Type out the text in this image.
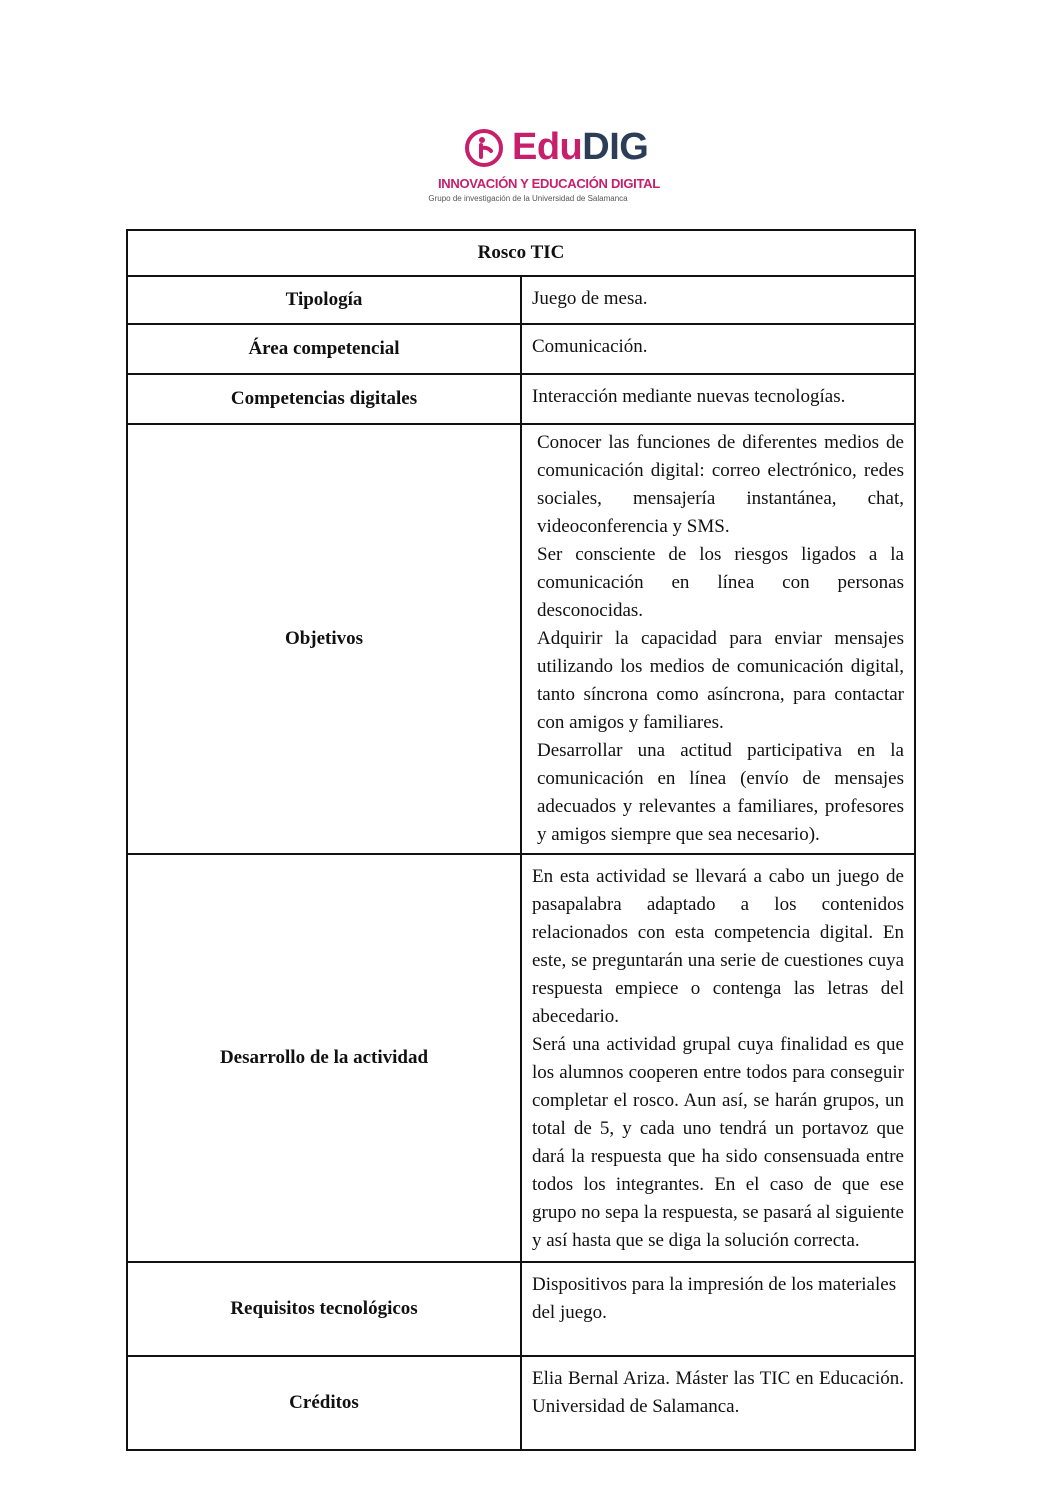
EduDIG
INNOVACIÓN Y EDUCACIÓN DIGITAL
Grupo de investigación de la Universidad de Salamanca
Rosco TIC	
Tipología	Juego de mesa.
Área competencial	Comunicación.
Competencias digitales	Interacción mediante nuevas tecnologías.
Objetivos	Conocer las funciones de diferentes medios de comunicación digital: correo electrónico, redes sociales, mensajería instantánea, chat, videoconferencia y SMS.
Ser consciente de los riesgos ligados a la comunicación en línea con personas desconocidas.
Adquirir la capacidad para enviar mensajes utilizando los medios de comunicación digital, tanto síncrona como asíncrona, para contactar con amigos y familiares.
Desarrollar una actitud participativa en la comunicación en línea (envío de mensajes adecuados y relevantes a familiares, profesores y amigos siempre que sea necesario).

Desarrollo de la actividad	En esta actividad se llevará a cabo un juego de pasapalabra adaptado a los contenidos relacionados con esta competencia digital. En este, se preguntarán una serie de cuestiones cuya respuesta empiece o contenga las letras del abecedario.
Será una actividad grupal cuya finalidad es que los alumnos cooperen entre todos para conseguir completar el rosco. Aun así, se harán grupos, un total de 5, y cada uno tendrá un portavoz que dará la respuesta que ha sido consensuada entre todos los integrantes. En el caso de que ese grupo no sepa la respuesta, se pasará al siguiente y así hasta que se diga la solución correcta.

Requisitos tecnológicos	Dispositivos para la impresión de los materiales del juego.
Créditos	Elia Bernal Ariza. Máster las TIC en Educación. Universidad de Salamanca.
